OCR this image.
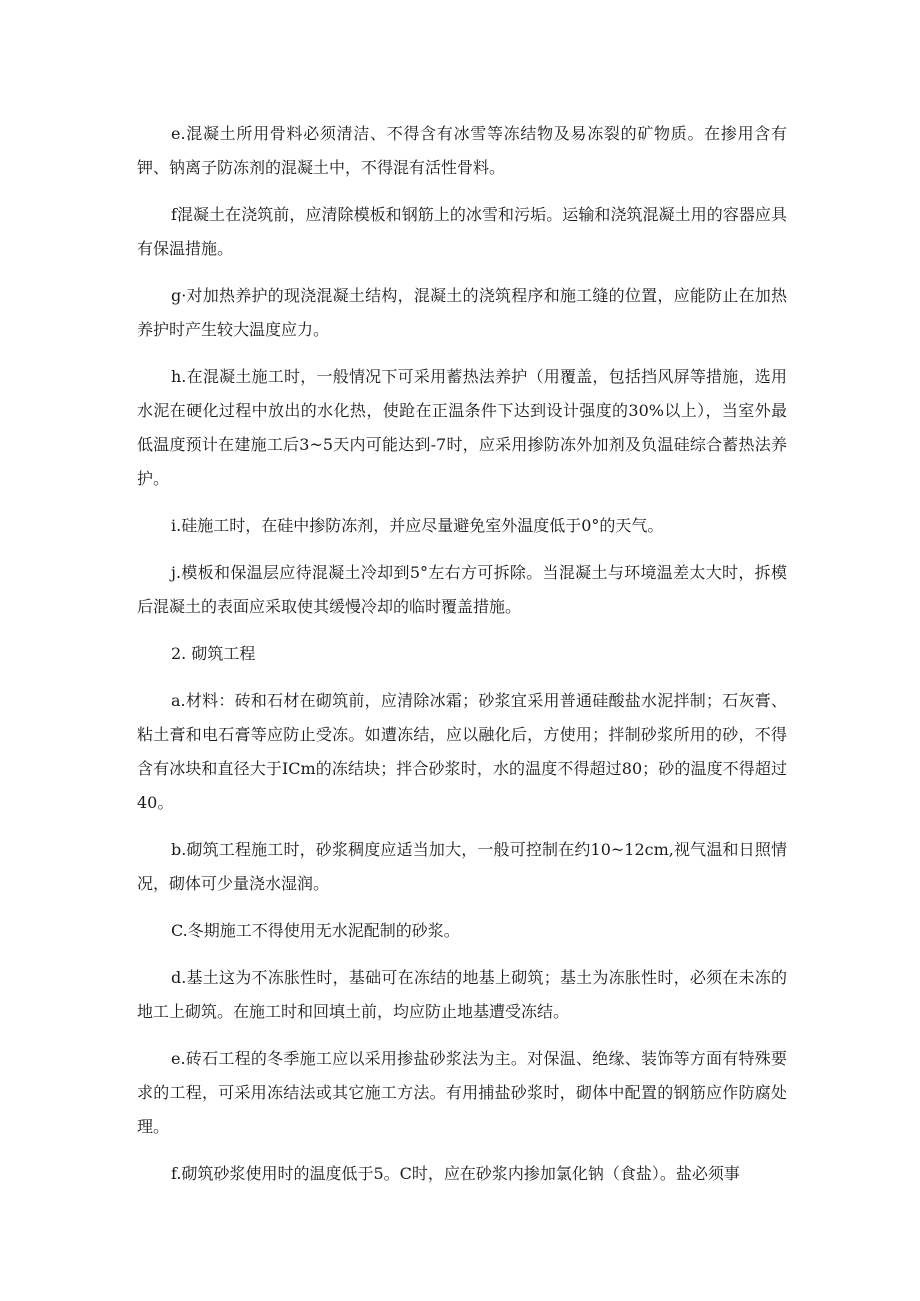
e.混凝土所用骨料必须清洁、不得含有冰雪等冻结物及易冻裂的矿物质。在掺用含有钾、钠离子防冻剂的混凝土中，不得混有活性骨料。

f混凝土在浇筑前，应清除模板和钢筋上的冰雪和污垢。运输和浇筑混凝土用的容器应具有保温措施。

g·对加热养护的现浇混凝土结构，混凝土的浇筑程序和施工缝的位置，应能防止在加热养护时产生较大温度应力。

h.在混凝土施工时，一般情况下可采用蓄热法养护（用覆盖，包括挡风屏等措施，选用水泥在硬化过程中放出的水化热，使跄在正温条件下达到设计强度的30%以上），当室外最低温度预计在建施工后3~5天内可能达到-7时，应采用掺防冻外加剂及负温硅综合蓄热法养护。

i.硅施工时，在硅中掺防冻剂，并应尽量避免室外温度低于0°的天气。

j.模板和保温层应待混凝土冷却到5°左右方可拆除。当混凝土与环境温差太大时，拆模后混凝土的表面应采取使其缓慢冷却的临时覆盖措施。

2. 砌筑工程

a.材料：砖和石材在砌筑前，应清除冰霜；砂浆宜采用普通硅酸盐水泥拌制；石灰膏、粘土膏和电石膏等应防止受冻。如遭冻结，应以融化后，方使用；拌制砂浆所用的砂，不得含有冰块和直径大于ICm的冻结块；拌合砂浆时，水的温度不得超过80；砂的温度不得超过40。

b.砌筑工程施工时，砂浆稠度应适当加大，一般可控制在约10~12cm,视气温和日照情况，砌体可少量浇水湿润。

C.冬期施工不得使用无水泥配制的砂浆。

d.基土这为不冻胀性时，基础可在冻结的地基上砌筑；基土为冻胀性时，必须在未冻的地工上砌筑。在施工时和回填土前，均应防止地基遭受冻结。

e.砖石工程的冬季施工应以采用掺盐砂浆法为主。对保温、绝缘、装饰等方面有特殊要求的工程，可采用冻结法或其它施工方法。有用捕盐砂浆时，砌体中配置的钢筋应作防腐处理。

f.砌筑砂浆使用时的温度低于5。C时，应在砂浆内掺加氯化钠（食盐）。盐必须事
